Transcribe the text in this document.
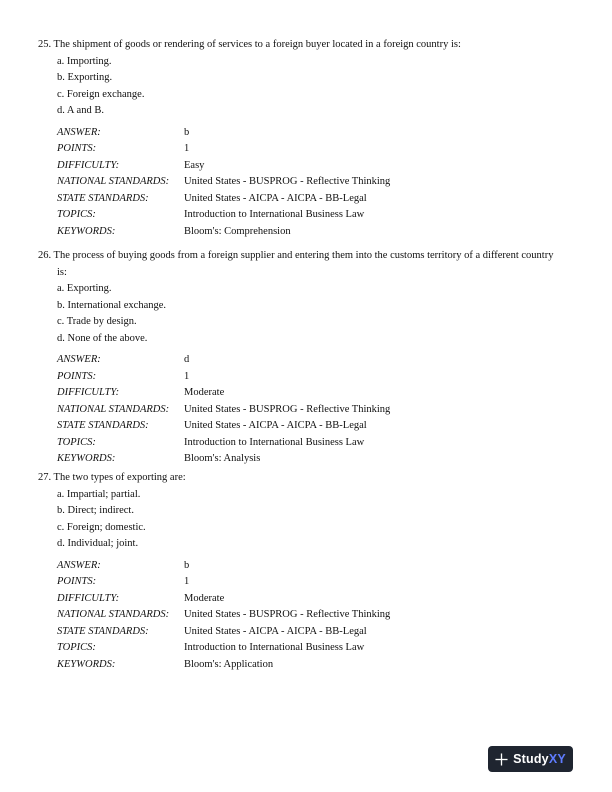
25. The shipment of goods or rendering of services to a foreign buyer located in a foreign country is:
a. Importing.
b. Exporting.
c. Foreign exchange.
d. A and B.
ANSWER:	b
POINTS:	1
DIFFICULTY:	Easy
NATIONAL STANDARDS:	United States - BUSPROG - Reflective Thinking
STATE STANDARDS:	United States - AICPA - AICPA - BB-Legal
TOPICS:	Introduction to International Business Law
KEYWORDS:	Bloom's: Comprehension
26. The process of buying goods from a foreign supplier and entering them into the customs territory of a different country is:
a. Exporting.
b. International exchange.
c. Trade by design.
d. None of the above.
ANSWER:	d
POINTS:	1
DIFFICULTY:	Moderate
NATIONAL STANDARDS:	United States - BUSPROG - Reflective Thinking
STATE STANDARDS:	United States - AICPA - AICPA - BB-Legal
TOPICS:	Introduction to International Business Law
KEYWORDS:	Bloom's: Analysis
27. The two types of exporting are:
a. Impartial; partial.
b. Direct; indirect.
c. Foreign; domestic.
d. Individual; joint.
ANSWER:	b
POINTS:	1
DIFFICULTY:	Moderate
NATIONAL STANDARDS:	United States - BUSPROG - Reflective Thinking
STATE STANDARDS:	United States - AICPA - AICPA - BB-Legal
TOPICS:	Introduction to International Business Law
KEYWORDS:	Bloom's: Application
StudyXY
